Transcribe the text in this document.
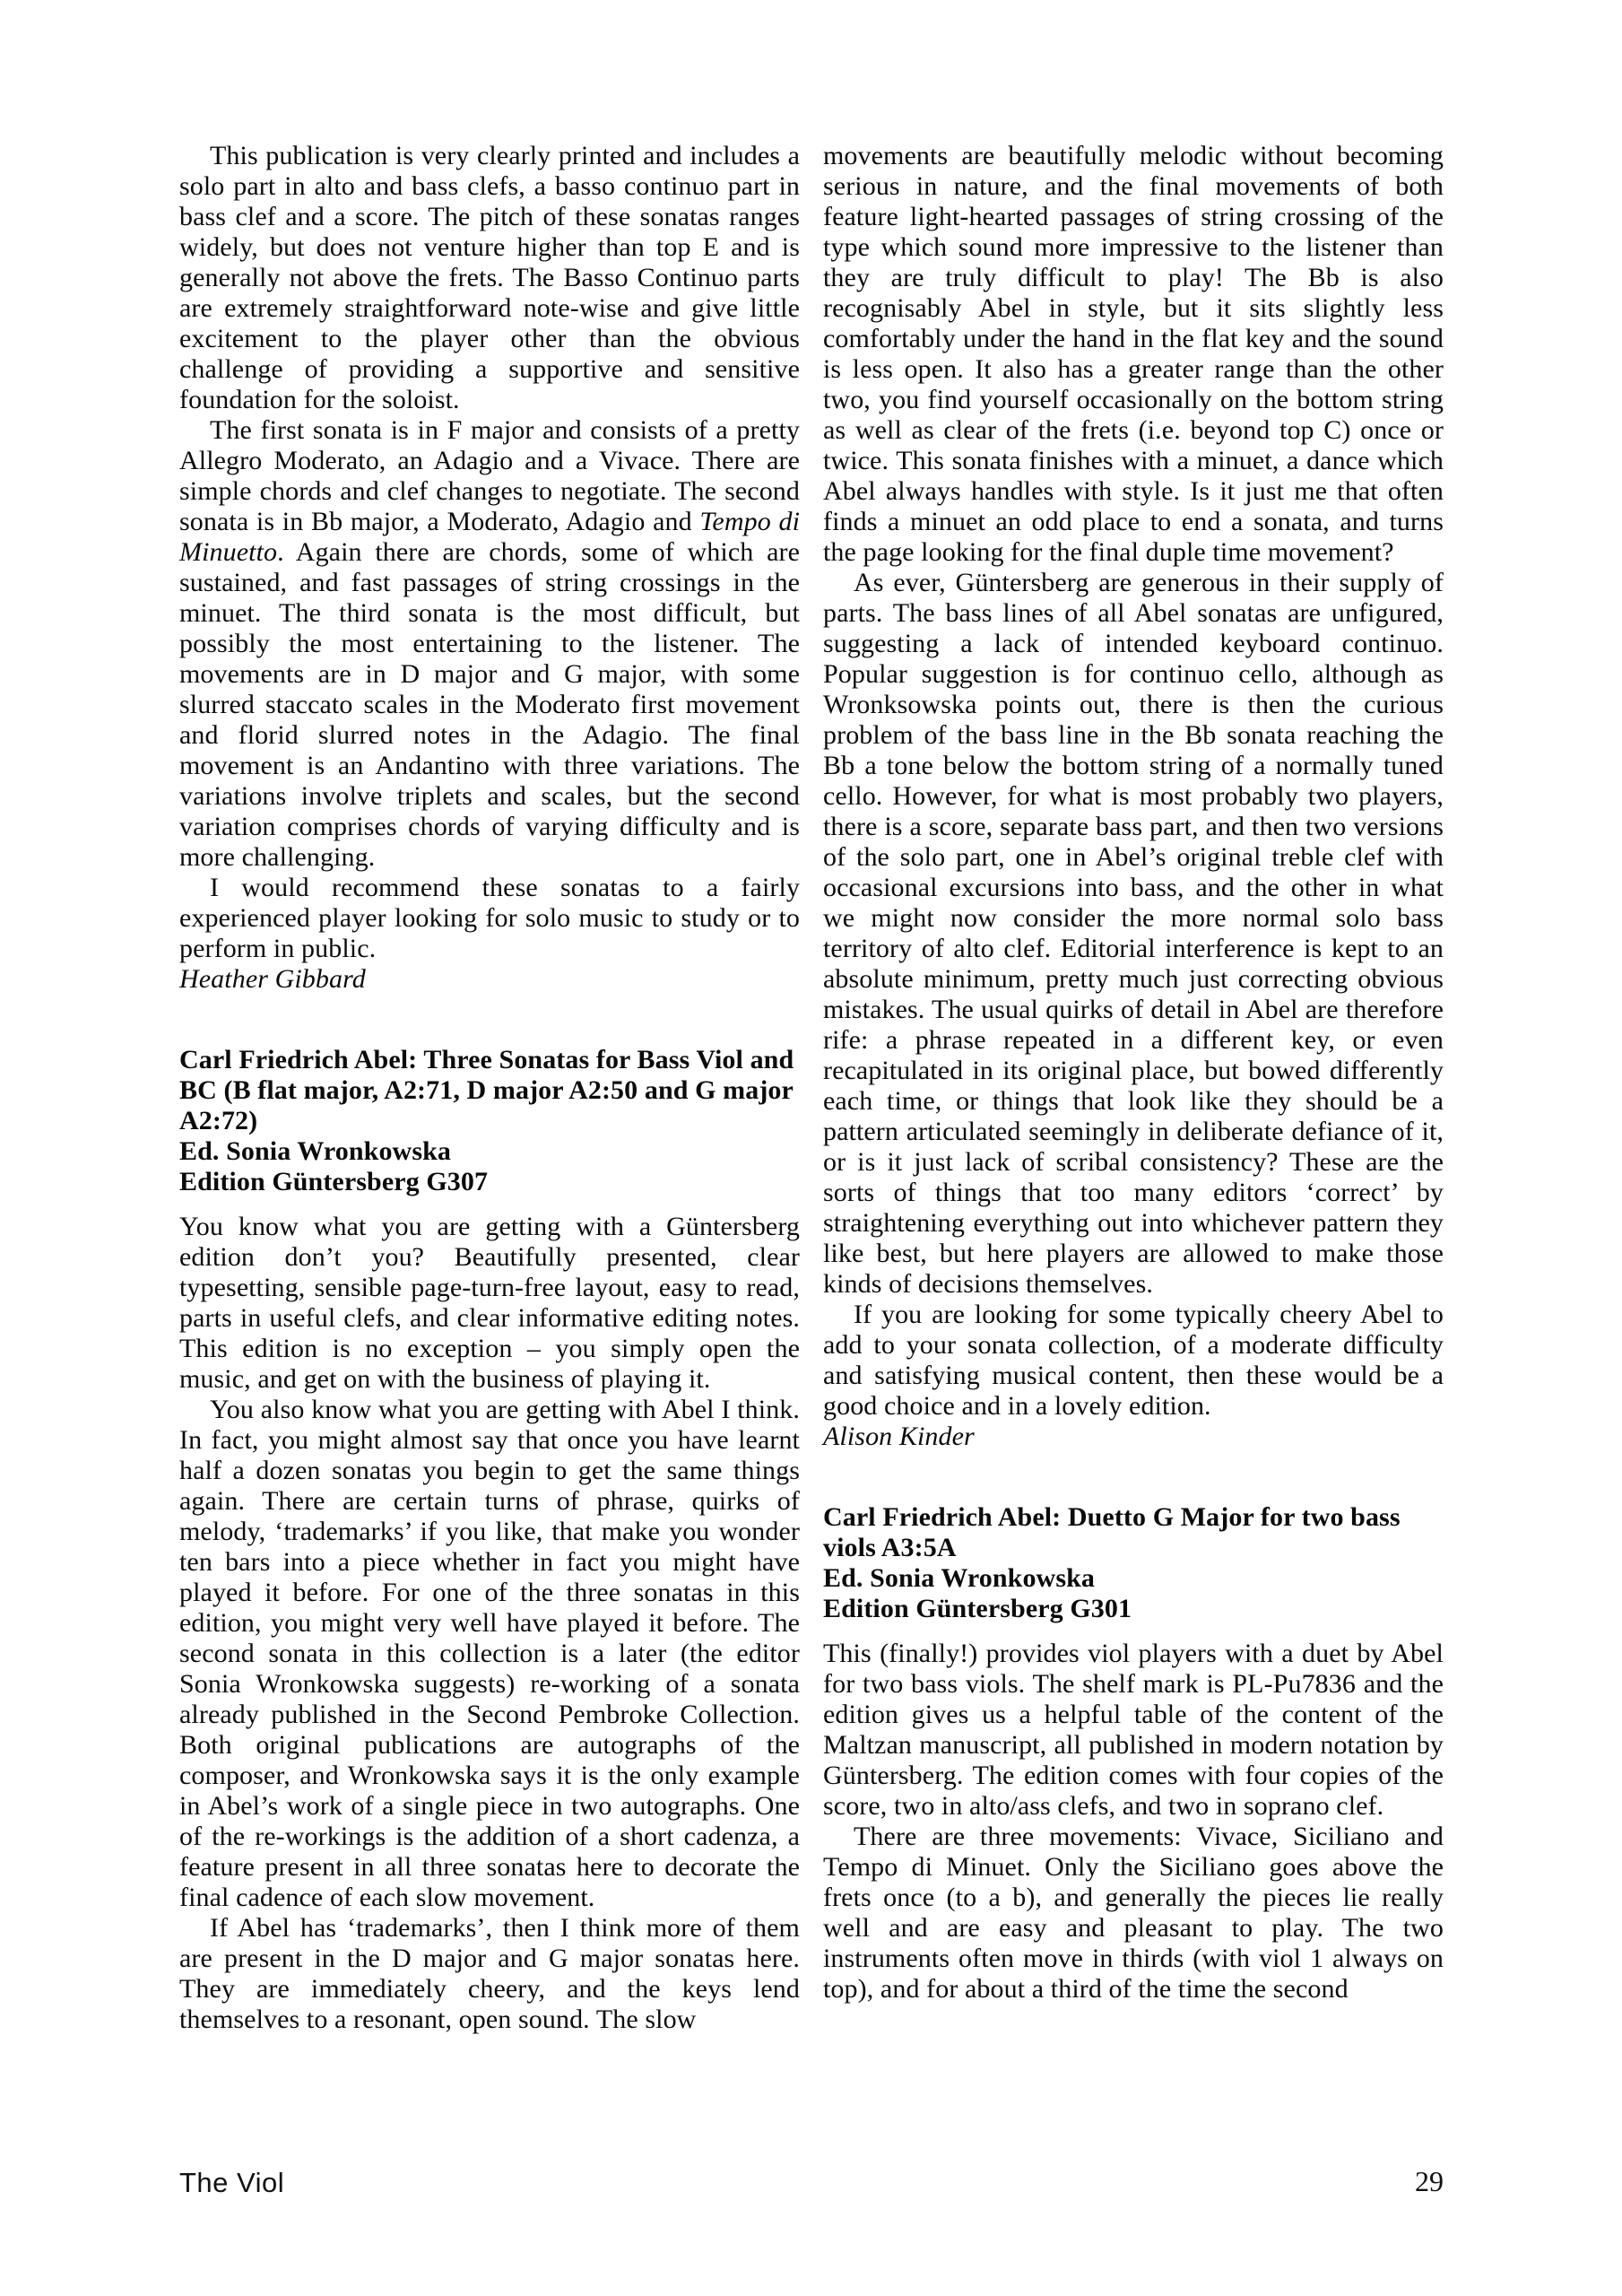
This publication is very clearly printed and includes a solo part in alto and bass clefs, a basso continuo part in bass clef and a score. The pitch of these sonatas ranges widely, but does not venture higher than top E and is generally not above the frets. The Basso Continuo parts are extremely straightforward note-wise and give little excitement to the player other than the obvious challenge of providing a supportive and sensitive foundation for the soloist.

The first sonata is in F major and consists of a pretty Allegro Moderato, an Adagio and a Vivace. There are simple chords and clef changes to negotiate. The second sonata is in Bb major, a Moderato, Adagio and Tempo di Minuetto. Again there are chords, some of which are sustained, and fast passages of string crossings in the minuet. The third sonata is the most difficult, but possibly the most entertaining to the listener. The movements are in D major and G major, with some slurred staccato scales in the Moderato first movement and florid slurred notes in the Adagio. The final movement is an Andantino with three variations. The variations involve triplets and scales, but the second variation comprises chords of varying difficulty and is more challenging.

I would recommend these sonatas to a fairly experienced player looking for solo music to study or to perform in public.

Heather Gibbard

Carl Friedrich Abel: Three Sonatas for Bass Viol and BC (B flat major, A2:71, D major A2:50 and G major A2:72)
Ed. Sonia Wronkowska
Edition Güntersberg G307

You know what you are getting with a Güntersberg edition don’t you? Beautifully presented, clear typesetting, sensible page-turn-free layout, easy to read, parts in useful clefs, and clear informative editing notes. This edition is no exception – you simply open the music, and get on with the business of playing it.

You also know what you are getting with Abel I think. In fact, you might almost say that once you have learnt half a dozen sonatas you begin to get the same things again. There are certain turns of phrase, quirks of melody, ‘trademarks’ if you like, that make you wonder ten bars into a piece whether in fact you might have played it before. For one of the three sonatas in this edition, you might very well have played it before. The second sonata in this collection is a later (the editor Sonia Wronkowska suggests) re-working of a sonata already published in the Second Pembroke Collection. Both original publications are autographs of the composer, and Wronkowska says it is the only example in Abel’s work of a single piece in two autographs. One of the re-workings is the addition of a short cadenza, a feature present in all three sonatas here to decorate the final cadence of each slow movement.

If Abel has ‘trademarks’, then I think more of them are present in the D major and G major sonatas here. They are immediately cheery, and the keys lend themselves to a resonant, open sound. The slow

movements are beautifully melodic without becoming serious in nature, and the final movements of both feature light-hearted passages of string crossing of the type which sound more impressive to the listener than they are truly difficult to play! The Bb is also recognisably Abel in style, but it sits slightly less comfortably under the hand in the flat key and the sound is less open. It also has a greater range than the other two, you find yourself occasionally on the bottom string as well as clear of the frets (i.e. beyond top C) once or twice. This sonata finishes with a minuet, a dance which Abel always handles with style. Is it just me that often finds a minuet an odd place to end a sonata, and turns the page looking for the final duple time movement?

As ever, Güntersberg are generous in their supply of parts. The bass lines of all Abel sonatas are unfigured, suggesting a lack of intended keyboard continuo. Popular suggestion is for continuo cello, although as Wronksowska points out, there is then the curious problem of the bass line in the Bb sonata reaching the Bb a tone below the bottom string of a normally tuned cello. However, for what is most probably two players, there is a score, separate bass part, and then two versions of the solo part, one in Abel’s original treble clef with occasional excursions into bass, and the other in what we might now consider the more normal solo bass territory of alto clef. Editorial interference is kept to an absolute minimum, pretty much just correcting obvious mistakes. The usual quirks of detail in Abel are therefore rife: a phrase repeated in a different key, or even recapitulated in its original place, but bowed differently each time, or things that look like they should be a pattern articulated seemingly in deliberate defiance of it, or is it just lack of scribal consistency? These are the sorts of things that too many editors ‘correct’ by straightening everything out into whichever pattern they like best, but here players are allowed to make those kinds of decisions themselves.

If you are looking for some typically cheery Abel to add to your sonata collection, of a moderate difficulty and satisfying musical content, then these would be a good choice and in a lovely edition.

Alison Kinder

Carl Friedrich Abel: Duetto G Major for two bass viols A3:5A
Ed. Sonia Wronkowska
Edition Güntersberg G301

This (finally!) provides viol players with a duet by Abel for two bass viols. The shelf mark is PL-Pu7836 and the edition gives us a helpful table of the content of the Maltzan manuscript, all published in modern notation by Güntersberg. The edition comes with four copies of the score, two in alto/ass clefs, and two in soprano clef.

There are three movements: Vivace, Siciliano and Tempo di Minuet. Only the Siciliano goes above the frets once (to a b), and generally the pieces lie really well and are easy and pleasant to play. The two instruments often move in thirds (with viol 1 always on top), and for about a third of the time the second

The Viol	29
